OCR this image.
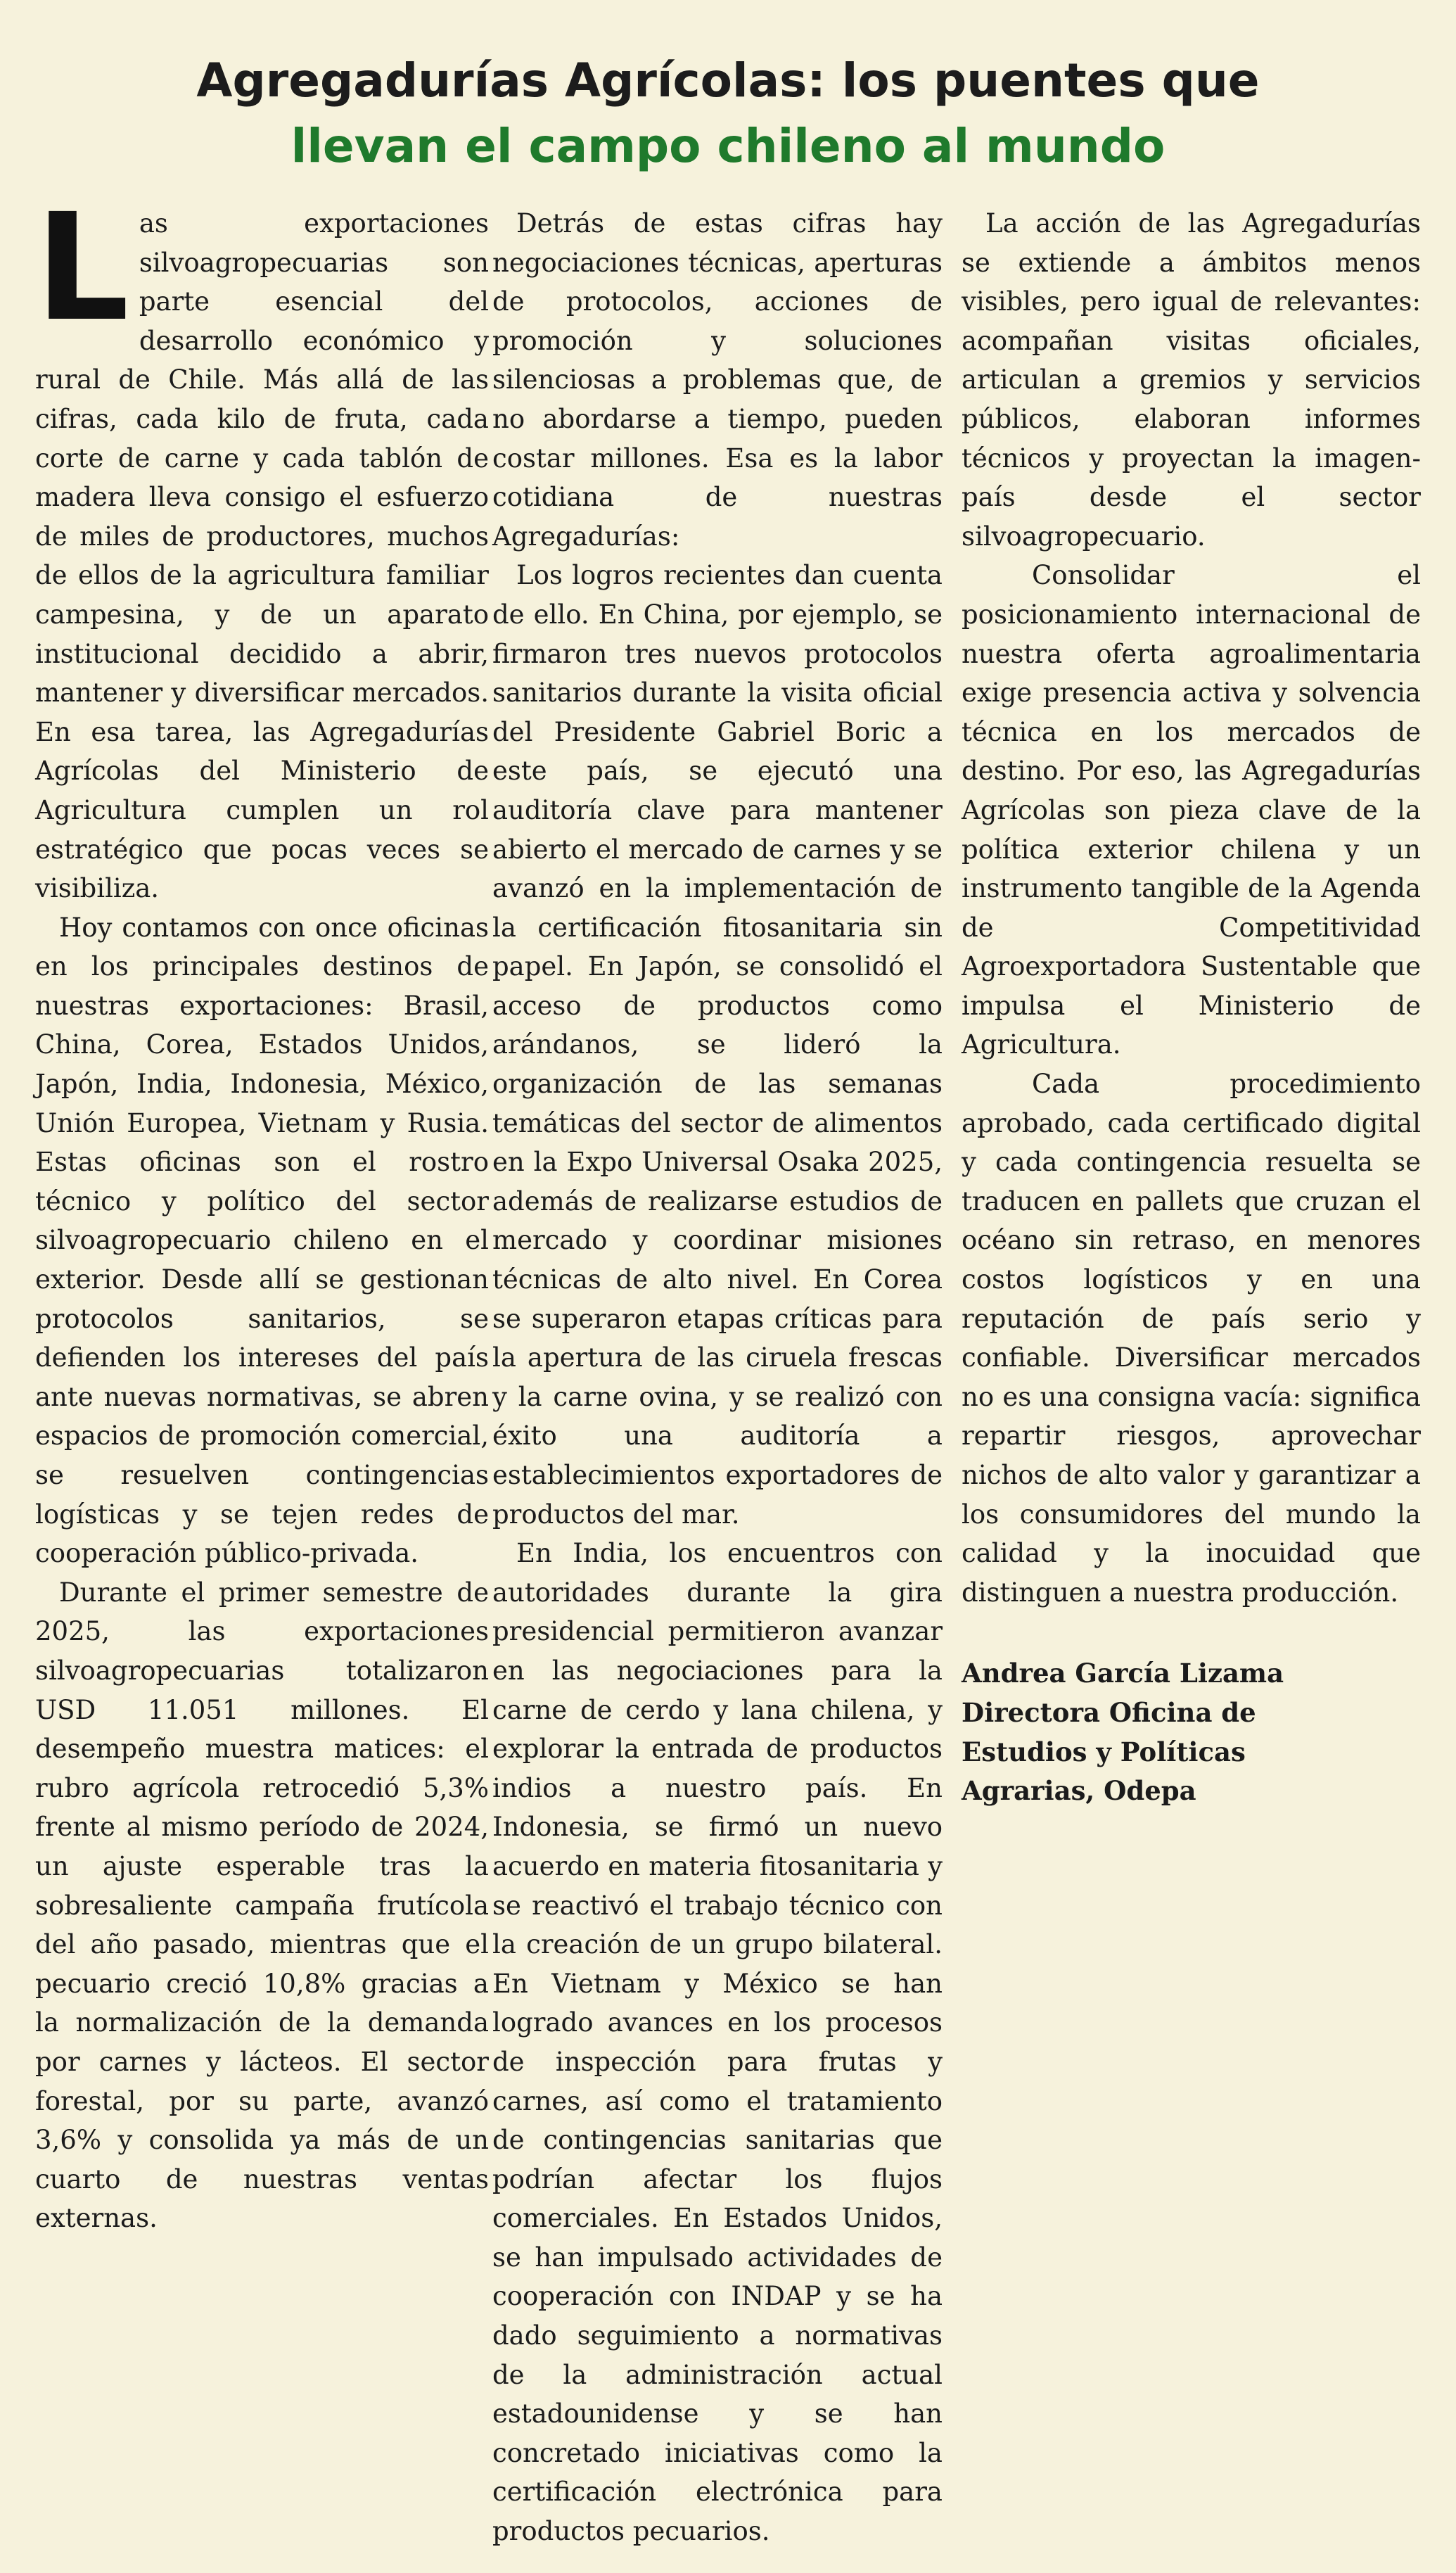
Agregadurías Agrícolas: los puentes que
llevan el campo chileno al mundo

Las exportaciones silvoagropecuarias son parte esencial del desarrollo económico y rural de Chile. Más allá de las cifras, cada kilo de fruta, cada corte de carne y cada tablón de madera lleva consigo el esfuerzo de miles de productores, muchos de ellos de la agricultura familiar campesina, y de un aparato institucional decidido a abrir, mantener y diversificar mercados. En esa tarea, las Agregadurías Agrícolas del Ministerio de Agricultura cumplen un rol estratégico que pocas veces se visibiliza.

Hoy contamos con once oficinas en los principales destinos de nuestras exportaciones: Brasil, China, Corea, Estados Unidos, Japón, India, Indonesia, México, Unión Europea, Vietnam y Rusia. Estas oficinas son el rostro técnico y político del sector silvoagropecuario chileno en el exterior. Desde allí se gestionan protocolos sanitarios, se defienden los intereses del país ante nuevas normativas, se abren espacios de promoción comercial, se resuelven contingencias logísticas y se tejen redes de cooperación público-privada.

Durante el primer semestre de 2025, las exportaciones silvoagropecuarias totalizaron USD 11.051 millones. El desempeño muestra matices: el rubro agrícola retrocedió 5,3% frente al mismo período de 2024, un ajuste esperable tras la sobresaliente campaña frutícola del año pasado, mientras que el pecuario creció 10,8% gracias a la normalización de la demanda por carnes y lácteos. El sector forestal, por su parte, avanzó 3,6% y consolida ya más de un cuarto de nuestras ventas externas.

Detrás de estas cifras hay negociaciones técnicas, aperturas de protocolos, acciones de promoción y soluciones silenciosas a problemas que, de no abordarse a tiempo, pueden costar millones. Esa es la labor cotidiana de nuestras Agregadurías:

Los logros recientes dan cuenta de ello. En China, por ejemplo, se firmaron tres nuevos protocolos sanitarios durante la visita oficial del Presidente Gabriel Boric a este país, se ejecutó una auditoría clave para mantener abierto el mercado de carnes y se avanzó en la implementación de la certificación fitosanitaria sin papel. En Japón, se consolidó el acceso de productos como arándanos, se lideró la organización de las semanas temáticas del sector de alimentos en la Expo Universal Osaka 2025, además de realizarse estudios de mercado y coordinar misiones técnicas de alto nivel. En Corea se superaron etapas críticas para la apertura de las ciruela frescas y la carne ovina, y se realizó con éxito una auditoría a establecimientos exportadores de productos del mar.

En India, los encuentros con autoridades durante la gira presidencial permitieron avanzar en las negociaciones para la carne de cerdo y lana chilena, y explorar la entrada de productos indios a nuestro país. En Indonesia, se firmó un nuevo acuerdo en materia fitosanitaria y se reactivó el trabajo técnico con la creación de un grupo bilateral. En Vietnam y México se han logrado avances en los procesos de inspección para frutas y carnes, así como el tratamiento de contingencias sanitarias que podrían afectar los flujos comerciales. En Estados Unidos, se han impulsado actividades de cooperación con INDAP y se ha dado seguimiento a normativas de la administración actual estadounidense y se han concretado iniciativas como la certificación electrónica para productos pecuarios.

La acción de las Agregadurías se extiende a ámbitos menos visibles, pero igual de relevantes: acompañan visitas oficiales, articulan a gremios y servicios públicos, elaboran informes técnicos y proyectan la imagen-país desde el sector silvoagropecuario.

Consolidar el posicionamiento internacional de nuestra oferta agroalimentaria exige presencia activa y solvencia técnica en los mercados de destino. Por eso, las Agregadurías Agrícolas son pieza clave de la política exterior chilena y un instrumento tangible de la Agenda de Competitividad Agroexportadora Sustentable que impulsa el Ministerio de Agricultura.

Cada procedimiento aprobado, cada certificado digital y cada contingencia resuelta se traducen en pallets que cruzan el océano sin retraso, en menores costos logísticos y en una reputación de país serio y confiable. Diversificar mercados no es una consigna vacía: significa repartir riesgos, aprovechar nichos de alto valor y garantizar a los consumidores del mundo la calidad y la inocuidad que distinguen a nuestra producción.

Andrea García Lizama
Directora Oficina de
Estudios y Políticas
Agrarias, Odepa
